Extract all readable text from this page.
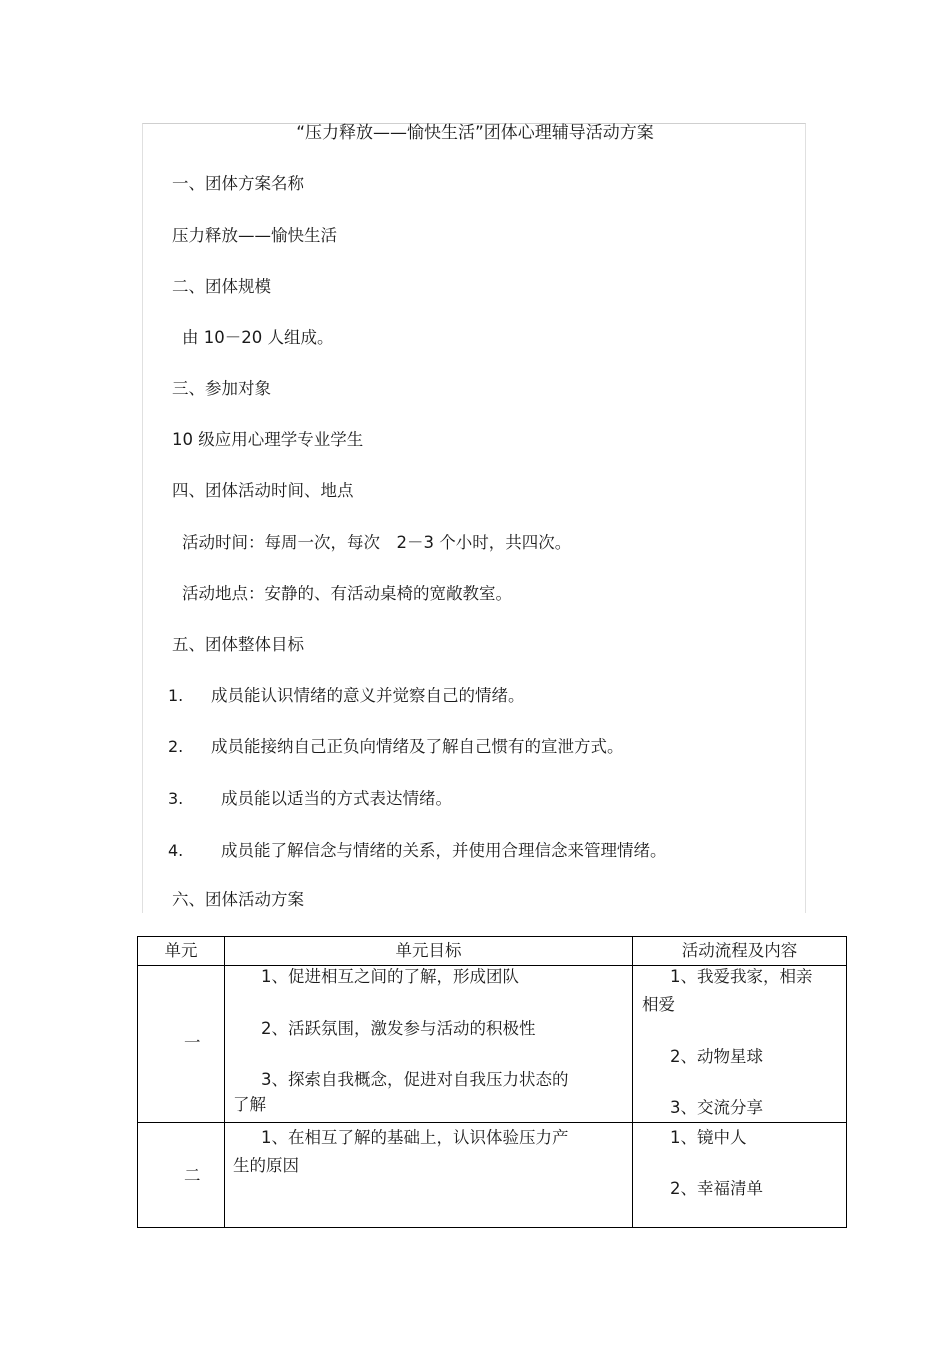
“压力释放——愉快生活”团体心理辅导活动方案
一、团体方案名称
压力释放——愉快生活
二、团体规模
由 10－20 人组成。
三、参加对象
10 级应用心理学专业学生
四、团体活动时间、地点
活动时间：每周一次，每次　2－3 个小时，共四次。
活动地点：安静的、有活动桌椅的宽敞教室。
五、团体整体目标
1. 成员能认识情绪的意义并觉察自己的情绪。
2. 成员能接纳自己正负向情绪及了解自己惯有的宣泄方式。
3. 成员能以适当的方式表达情绪。
4. 成员能了解信念与情绪的关系，并使用合理信念来管理情绪。
六、团体活动方案
单元	单元目标	活动流程及内容

一	1、促进相互之间的了解，形成团队
2、活跃氛围，激发参与活动的积极性
3、探索自我概念，促进对自我压力状态的
了解	1、我爱我家，相亲
相爱
2、动物星球
3、交流分享

二	1、在相互了解的基础上，认识体验压力产
生的原因	1、镜中人
2、幸福清单
